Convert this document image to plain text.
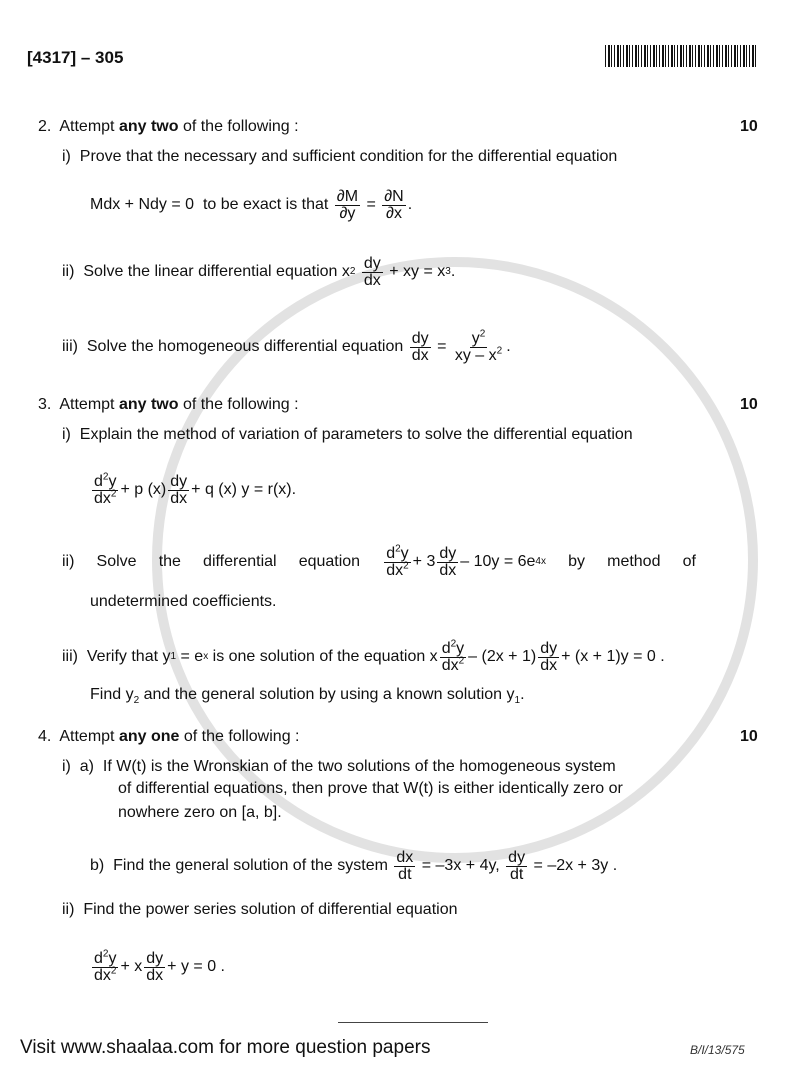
[4317] – 305
2.  Attempt any two of the following :	10
i)  Prove that the necessary and sufficient condition for the differential equation
Mdx + Ndy = 0  to be exact is that $\frac{\partial M}{\partial y} = \frac{\partial N}{\partial x}$ .
ii)  Solve the linear differential equation x 2
$\frac{dy}{dx}$ + xy = x 3 .
iii)  Solve the homogeneous differential equation $\frac{dy}{dx} = \frac{y^2}{xy - x^2}$ .
3.  Attempt any two of the following :	10
i)  Explain the method of variation of parameters to solve the differential equation
$\frac{d^2y}{dx^2} + p$ $(x) \frac{dy}{dx} + q$ (x) y = r(x).
ii) Solve the differential equation $\frac{d^2y}{dx^2} + 3 \frac{dy}{dx} - 10y = 6e$ 4x by method of
undetermined coefficients.
iii)  Verify that y 1 = e x is one solution of the equation x $\frac{d^2y}{dx^2} - (2x + 1) \frac{dy}{dx} + (x + 1)y = 0$ .
Find $y_2$ and the general solution by using a known solution $y_1$.
4.  Attempt any one of the following :	10
i)  a)  If W(t) is the Wronskian of the two solutions of the homogeneous system
of differential equations, then prove that W(t) is either identically zero or
nowhere zero on [a, b].
b)  Find the general solution of the system $\frac{dx}{dt} = -3x + 4y$, $\frac{dy}{dt} = -2x + 3y$ .
ii)  Find the power series solution of differential equation
$\frac{d^2y}{dx^2} + x \frac{dy}{dx} + y = 0$ .
Visit www.shaalaa.com for more question papers	B/I/13/575
